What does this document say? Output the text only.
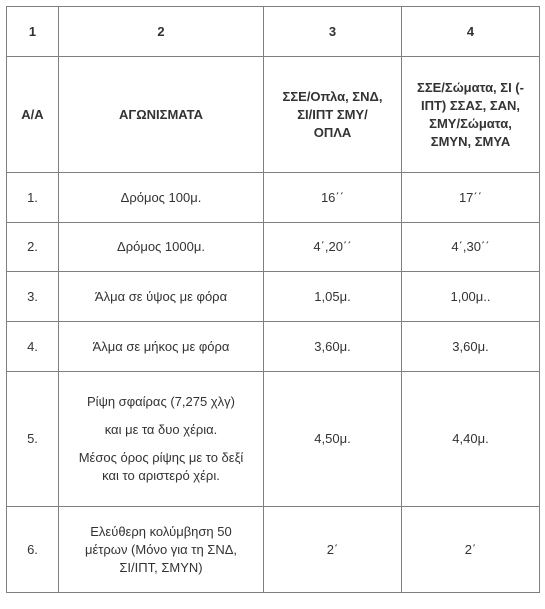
1	2	3	4
Α/Α	ΑΓΩΝΙΣΜΑΤΑ	ΣΣΕ/Οπλα, ΣΝΔ,
ΣΙ/ΙΠΤ ΣΜΥ/
ΟΠΛΑ	ΣΣΕ/Σώματα, ΣΙ (-
ΙΠΤ) ΣΣΑΣ, ΣΑΝ,
ΣΜΥ/Σώματα,
ΣΜΥΝ, ΣΜΥΑ

1.	Δρόμος 100μ.	16΄΄	17΄΄
2.	Δρόμος 1000μ.	4΄,20΄΄	4΄,30΄΄
3.	Άλμα σε ύψος με φόρα	1,05μ.	1,00μ..
4.	Άλμα σε μήκος με φόρα	3,60μ.	3,60μ.
5.	Ρίψη σφαίρας (7,275 χλγ)
και με τα δυο χέρια.
Μέσος όρος ρίψης με το δεξί
και το αριστερό χέρι.	4,50μ.	4,40μ.
6.	Ελεύθερη κολύμβηση 50
μέτρων (Μόνο για τη ΣΝΔ,
ΣΙ/ΙΠΤ, ΣΜΥΝ)	2΄	2΄
